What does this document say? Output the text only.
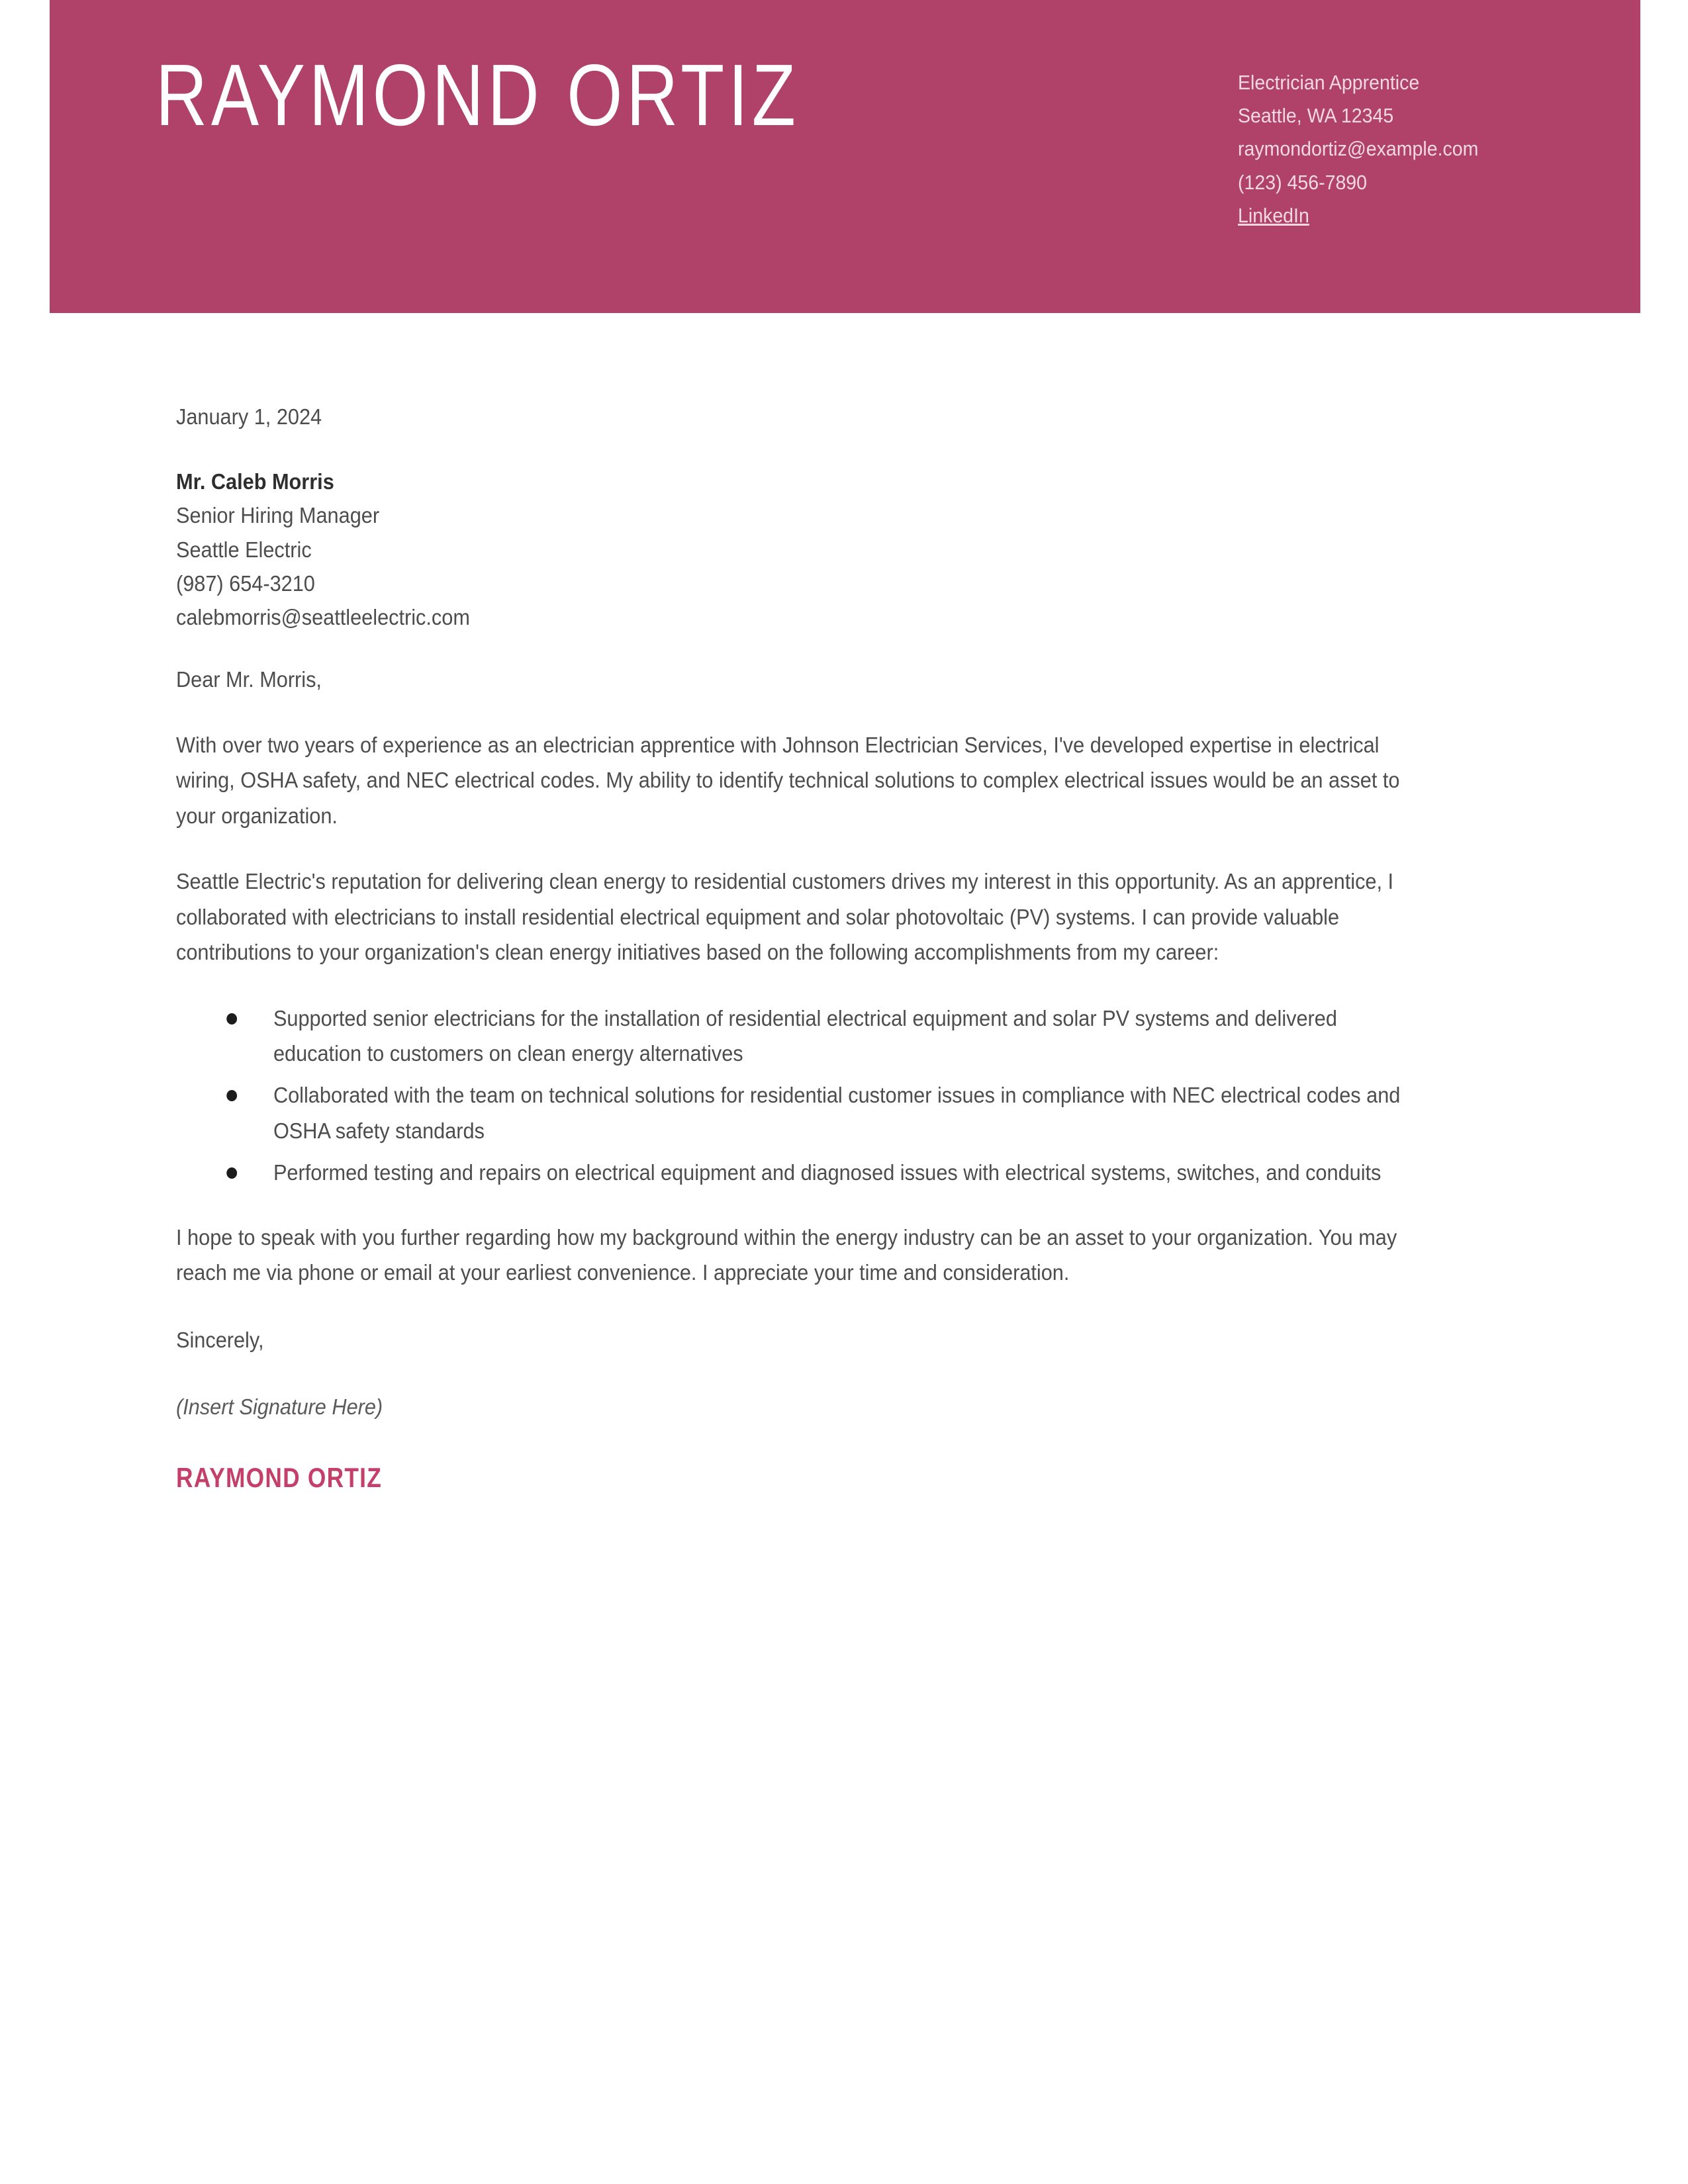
RAYMOND ORTIZ	Electrician Apprentice
Seattle, WA 12345
raymondortiz@example.com
(123) 456-7890
LinkedIn
January 1, 2024
Mr. Caleb Morris
Senior Hiring Manager
Seattle Electric
(987) 654-3210
calebmorris@seattleelectric.com
Dear Mr. Morris,
With over two years of experience as an electrician apprentice with Johnson Electrician Services, I've developed expertise in electrical wiring, OSHA safety, and NEC electrical codes. My ability to identify technical solutions to complex electrical issues would be an asset to your organization.
Seattle Electric's reputation for delivering clean energy to residential customers drives my interest in this opportunity. As an apprentice, I collaborated with electricians to install residential electrical equipment and solar photovoltaic (PV) systems. I can provide valuable contributions to your organization's clean energy initiatives based on the following accomplishments from my career:
Supported senior electricians for the installation of residential electrical equipment and solar PV systems and delivered education to customers on clean energy alternatives
Collaborated with the team on technical solutions for residential customer issues in compliance with NEC electrical codes and OSHA safety standards
Performed testing and repairs on electrical equipment and diagnosed issues with electrical systems, switches, and conduits
I hope to speak with you further regarding how my background within the energy industry can be an asset to your organization. You may reach me via phone or email at your earliest convenience. I appreciate your time and consideration.
Sincerely,
(Insert Signature Here)
RAYMOND ORTIZ
